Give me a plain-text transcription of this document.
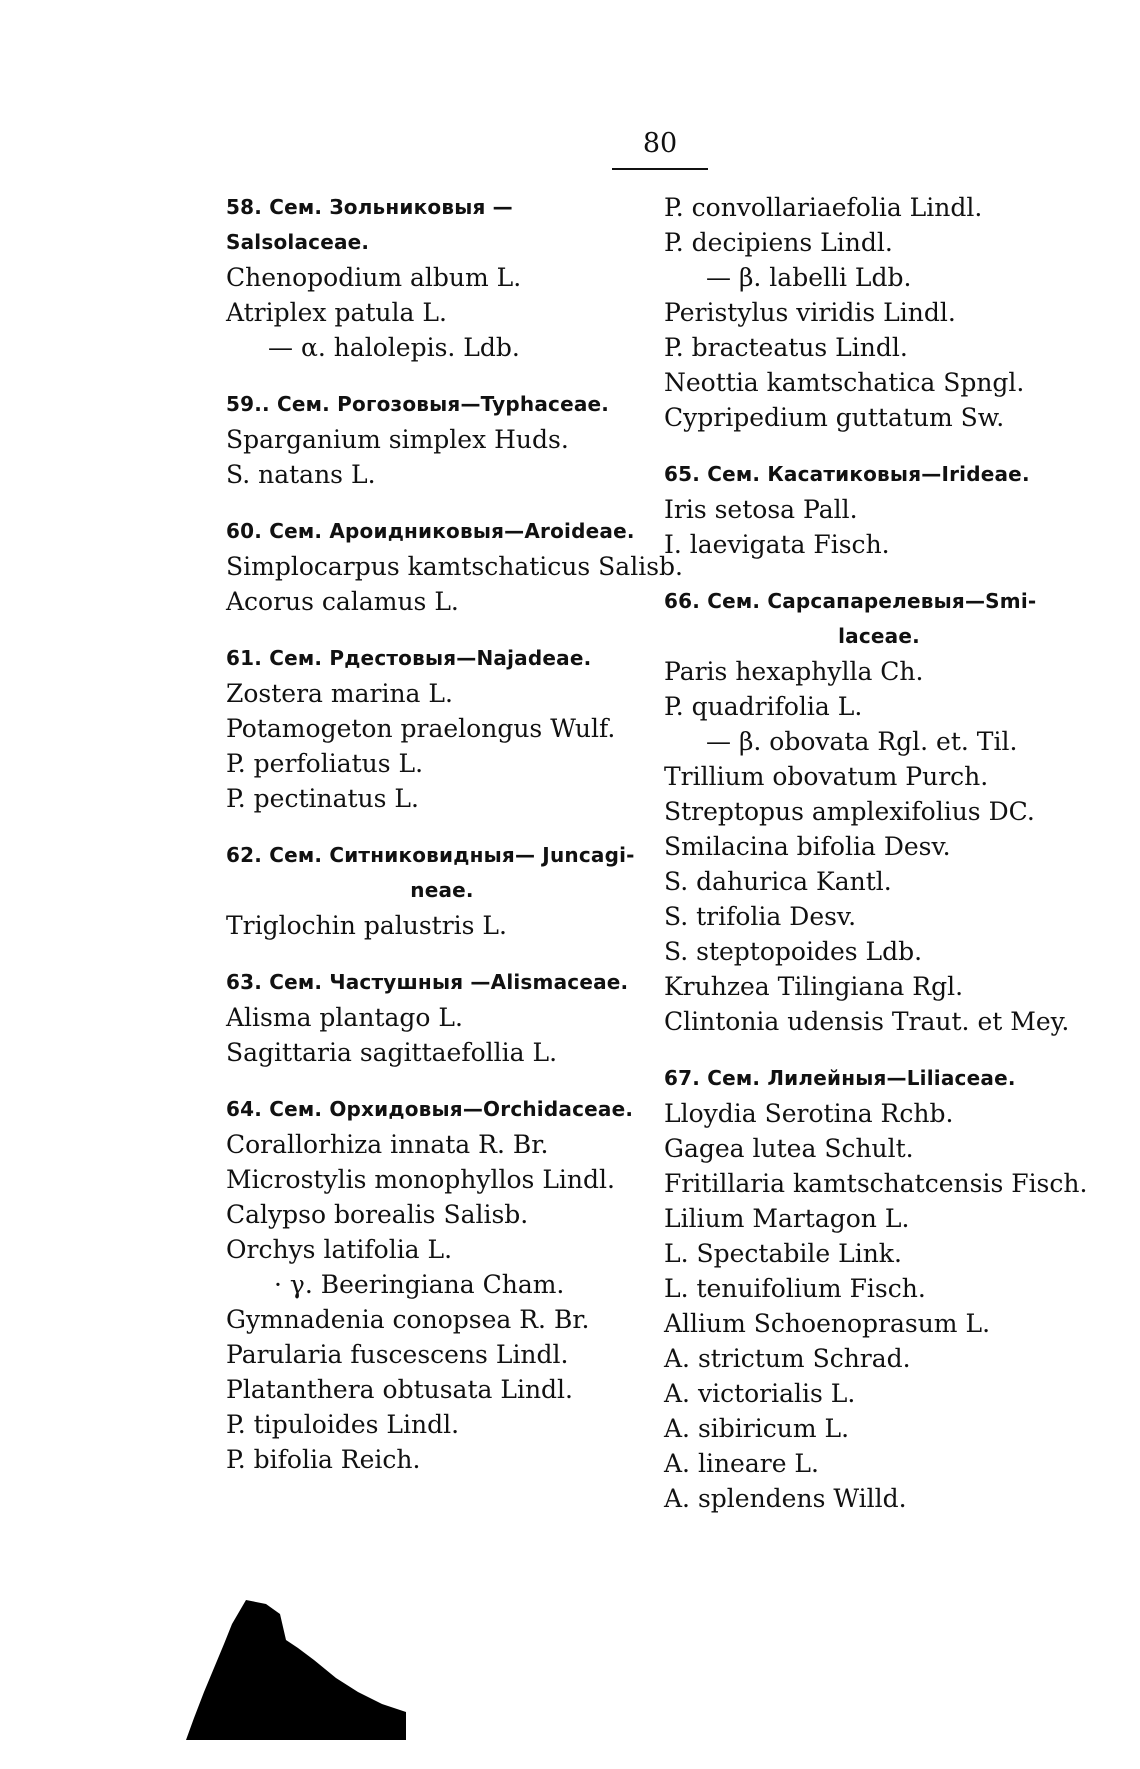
80
58. Сем. Зольниковыя — Salsolaceae.
Chenopodium album L.
Atriplex patula L.
— α. halolepis. Ldb.
59.. Сем. Рогозовыя—Typhaceae.
Sparganium simplex Huds.
S. natans L.
60. Сем. Ароидниковыя—Aroideae.
Simplocarpus kamtschaticus Salisb.
Acorus calamus L.
61. Сем. Рдестовыя—Najadeae.
Zostera marina L.
Potamogeton praelongus Wulf.
P. perfoliatus L.
P. pectinatus L.
62. Сем. Ситниковидныя— Juncagi-
neae.
Triglochin palustris L.
63. Сем. Частушныя —Alismaceae.
Alisma plantago L.
Sagittaria sagittaefollia L.
64. Сем. Орхидовыя—Orchidaceae.
Corallorhiza innata R. Br.
Microstylis monophyllos Lindl.
Calypso borealis Salisb.
Orchys latifolia L.
· γ. Beeringiana Cham.
Gymnadenia conopsea R. Br.
Parularia fuscescens Lindl.
Platanthera obtusata Lindl.
P. tipuloides Lindl.
P. bifolia Reich.
P. convollariaefolia Lindl.
P. decipiens Lindl.
— β. labelli Ldb.
Peristylus viridis Lindl.
P. bracteatus Lindl.
Neottia kamtschatica Spngl.
Cypripedium guttatum Sw.
65. Сем. Касатиковыя—Irideae.
Iris setosa Pall.
I. laevigata Fisch.
66. Сем. Сарсапарелевыя—Smi-
laceae.
Paris hexaphylla Ch.
P. quadrifolia L.
— β. obovata Rgl. et. Til.
Trillium obovatum Purch.
Streptopus amplexifolius DC.
Smilacina bifolia Desv.
S. dahurica Kantl.
S. trifolia Desv.
S. steptopoides Ldb.
Kruhzea Tilingiana Rgl.
Clintonia udensis Traut. et Mey.
67. Сем. Лилейныя—Liliaceae.
Lloydia Serotina Rchb.
Gagea lutea Schult.
Fritillaria kamtschatcensis Fisch.
Lilium Martagon L.
L. Spectabile Link.
L. tenuifolium Fisch.
Allium Schoenoprasum L.
A. strictum Schrad.
A. victorialis L.
A. sibiricum L.
A. lineare L.
A. splendens Willd.
